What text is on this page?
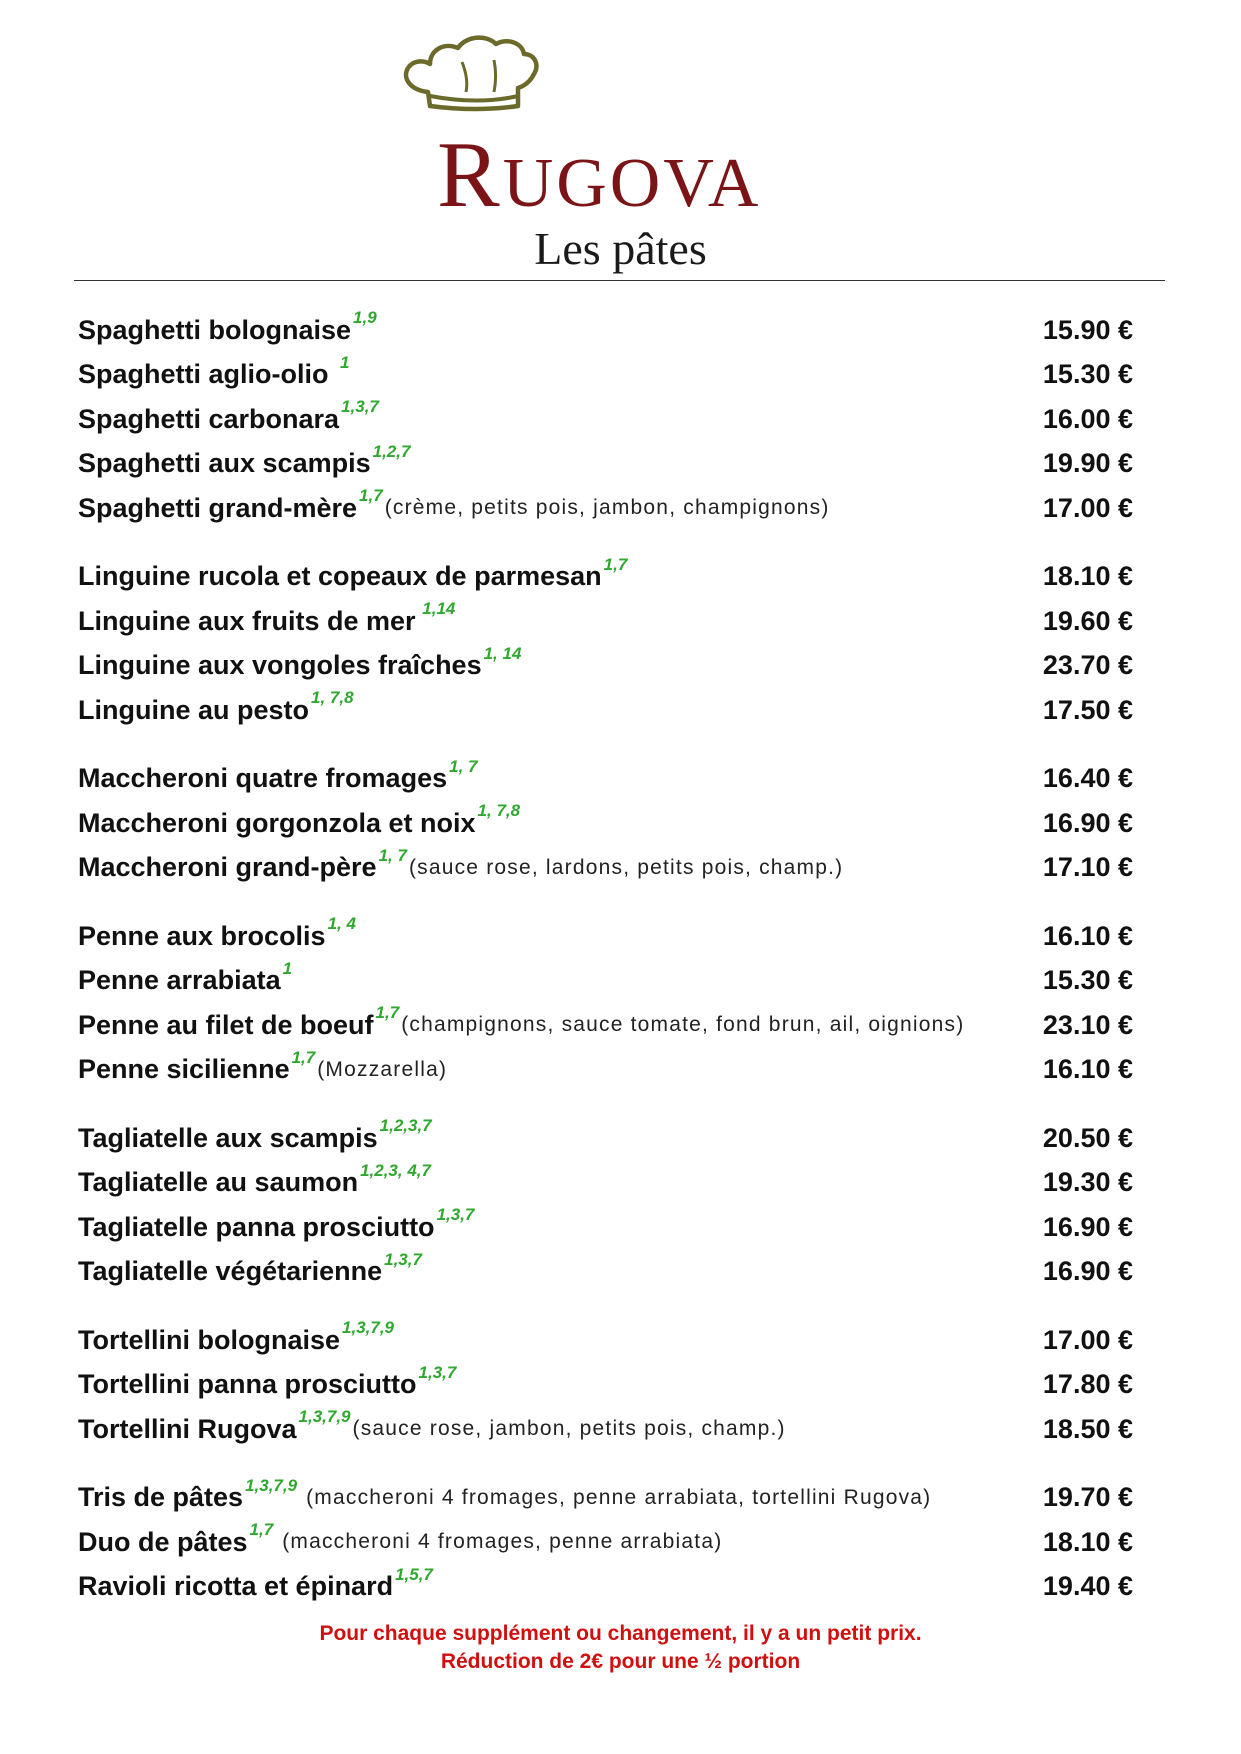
RUGOVA
Les pâtes
Spaghetti bolognaise 1,9	15.90 €
Spaghetti aglio-olio 1	15.30 €
Spaghetti carbonara 1,3,7	16.00 €
Spaghetti aux scampis 1,2,7	19.90 €
Spaghetti grand-mère 1,7
(crème, petits pois, jambon, champignons)	17.00 €
Linguine rucola et copeaux de parmesan 1,7	18.10 €
Linguine aux fruits de mer 1,14	19.60 €
Linguine aux vongoles fraîches 1, 14	23.70 €
Linguine au pesto 1, 7,8	17.50 €
Maccheroni quatre fromages 1, 7	16.40 €
Maccheroni gorgonzola et noix 1, 7,8	16.90 €
Maccheroni grand-père 1, 7
(sauce rose, lardons, petits pois, champ.)	17.10 €
Penne aux brocolis 1, 4	16.10 €
Penne arrabiata 1	15.30 €
Penne au filet de boeuf 1,7
(champignons, sauce tomate, fond brun, ail, oignions)	23.10 €
Penne sicilienne 1,7
(Mozzarella)	16.10 €
Tagliatelle aux scampis 1,2,3,7	20.50 €
Tagliatelle au saumon 1,2,3, 4,7	19.30 €
Tagliatelle panna prosciutto 1,3,7	16.90 €
Tagliatelle végétarienne 1,3,7	16.90 €
Tortellini bolognaise 1,3,7,9	17.00 €
Tortellini panna prosciutto 1,3,7	17.80 €
Tortellini Rugova 1,3,7,9
(sauce rose, jambon, petits pois, champ.)	18.50 €
Tris de pâtes 1,3,7,9
(maccheroni 4 fromages, penne arrabiata, tortellini Rugova)	19.70 €
Duo de pâtes 1,7
(maccheroni 4 fromages, penne arrabiata)	18.10 €
Ravioli ricotta et épinard 1,5,7	19.40 €
Pour chaque supplément ou changement, il y a un petit prix.
Réduction de 2€ pour une ½ portion
